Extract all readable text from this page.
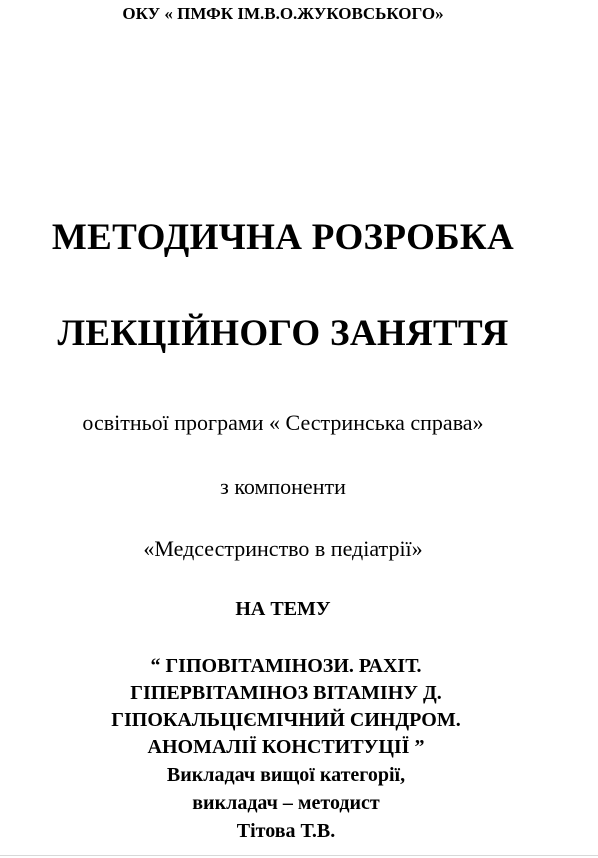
ОКУ « ПМФК ІМ.В.О.ЖУКОВСЬКОГО»
МЕТОДИЧНА РОЗРОБКА
ЛЕКЦІЙНОГО ЗАНЯТТЯ
освітньої програми « Сестринська справа»
з компоненти
«Медсестринство в педіатрії»
НА ТЕМУ
“ ГІПОВІТАМІНОЗИ. РАХІТ.
ГІПЕРВІТАМІНОЗ ВІТАМІНУ Д.
ГІПОКАЛЬЦІЄМІЧНИЙ СИНДРОМ.
АНОМАЛІЇ КОНСТИТУЦІЇ ”
Викладач вищої категорії,
викладач – методист
Тітова Т.В.
